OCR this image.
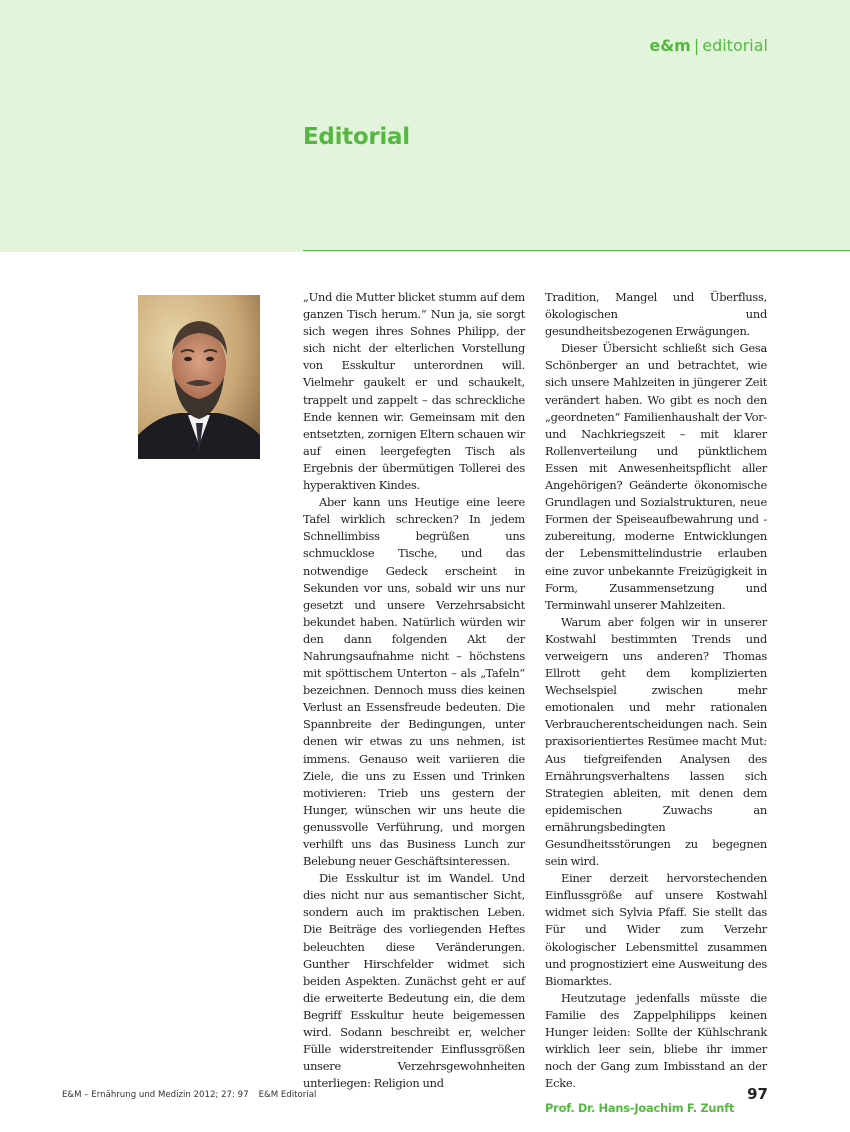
e&m | editorial
Editorial

„Und die Mutter blicket stumm auf dem ganzen Tisch herum.“ Nun ja, sie sorgt sich wegen ihres Sohnes Philipp, der sich nicht der elterlichen Vorstellung von Esskultur unterordnen will. Vielmehr gaukelt er und schaukelt, trappelt und zappelt – das schreckliche Ende kennen wir. Gemeinsam mit den entsetzten, zornigen Eltern schauen wir auf einen leergefegten Tisch als Ergebnis der übermütigen Tollerei des hyperaktiven Kindes.

Aber kann uns Heutige eine leere Tafel wirklich schrecken? In jedem Schnellimbiss begrüßen uns schmucklose Tische, und das notwendige Gedeck erscheint in Sekunden vor uns, sobald wir uns nur gesetzt und unsere Verzehrsabsicht bekundet haben. Natürlich würden wir den dann folgenden Akt der Nahrungsaufnahme nicht – höchstens mit spöttischem Unterton – als „Tafeln“ bezeichnen. Dennoch muss dies keinen Verlust an Essensfreude bedeuten. Die Spannbreite der Bedingungen, unter denen wir etwas zu uns nehmen, ist immens. Genauso weit variieren die Ziele, die uns zu Essen und Trinken motivieren: Trieb uns gestern der Hunger, wünschen wir uns heute die genussvolle Verführung, und morgen verhilft uns das Business Lunch zur Belebung neuer Geschäftsinteressen.

Die Esskultur ist im Wandel. Und dies nicht nur aus semantischer Sicht, sondern auch im praktischen Leben. Die Beiträge des vorliegenden Heftes beleuchten diese Veränderungen. Gunther Hirschfelder widmet sich beiden Aspekten. Zunächst geht er auf die erweiterte Bedeutung ein, die dem Begriff Esskultur heute beigemessen wird. Sodann beschreibt er, welcher Fülle widerstreitender Einflussgrößen unsere Verzehrsgewohnheiten unterliegen: Religion und

Tradition, Mangel und Überfluss, ökologischen und gesundheitsbezogenen Erwägungen.

Dieser Übersicht schließt sich Gesa Schönberger an und betrachtet, wie sich unsere Mahlzeiten in jüngerer Zeit verändert haben. Wo gibt es noch den „geordneten“ Familienhaushalt der Vor- und Nachkriegszeit – mit klarer Rollenverteilung und pünktlichem Essen mit Anwesenheitspflicht aller Angehörigen? Geänderte ökonomische Grundlagen und Sozialstrukturen, neue Formen der Speiseaufbewahrung und -zubereitung, moderne Entwicklungen der Lebensmittelindustrie erlauben eine zuvor unbekannte Freizügigkeit in Form, Zusammensetzung und Terminwahl unserer Mahlzeiten.

Warum aber folgen wir in unserer Kostwahl bestimmten Trends und verweigern uns anderen? Thomas Ellrott geht dem komplizierten Wechselspiel zwischen mehr emotionalen und mehr rationalen Verbraucherentscheidungen nach. Sein praxisorientiertes Resümee macht Mut: Aus tiefgreifenden Analysen des Ernährungsverhaltens lassen sich Strategien ableiten, mit denen dem epidemischen Zuwachs an ernährungsbedingten Gesundheitsstörungen zu begegnen sein wird.

Einer derzeit hervorstechenden Einflussgröße auf unsere Kostwahl widmet sich Sylvia Pfaff. Sie stellt das Für und Wider zum Verzehr ökologischer Lebensmittel zusammen und prognostiziert eine Ausweitung des Biomarktes.

Heutzutage jedenfalls müsste die Familie des Zappelphilipps keinen Hunger leiden: Sollte der Kühlschrank wirklich leer sein, bliebe ihr immer noch der Gang zum Imbisstand an der Ecke.

Prof. Dr. Hans-Joachim F. Zunft

E&M – Ernährung und Medizin 2012; 27: 97 E&M Editorial	97
